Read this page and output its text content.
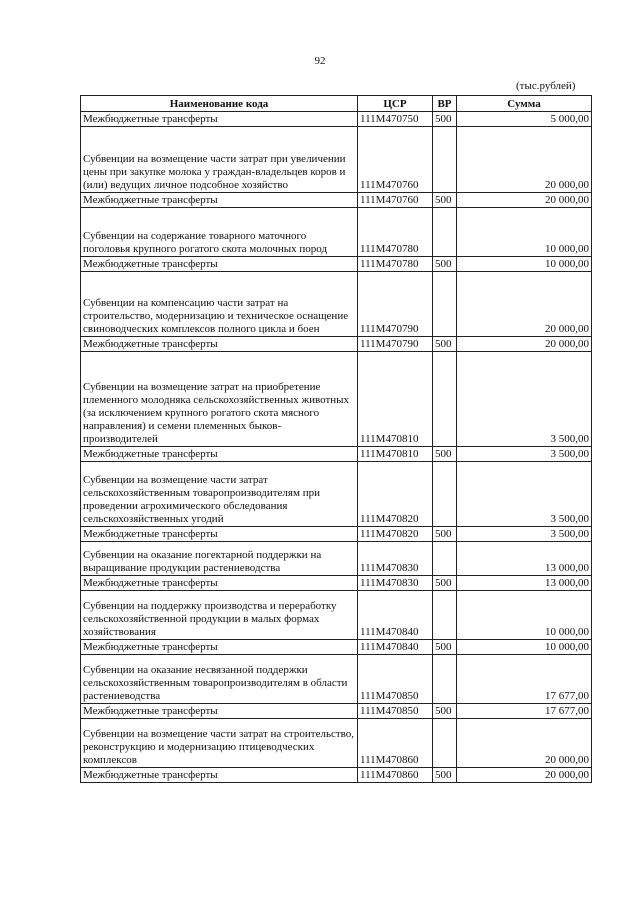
92
(тыс.рублей)
Наименование кода	ЦСР	ВР	Сумма
Межбюджетные трансферты	111М470750	500	5 000,00
Субвенции на возмещение части затрат при увеличении цены при закупке молока у граждан-владельцев коров и (или) ведущих личное подсобное хозяйство	111М470760		20 000,00
Межбюджетные трансферты	111М470760	500	20 000,00
Субвенции на содержание товарного маточного поголовья крупного рогатого скота молочных пород	111М470780		10 000,00
Межбюджетные трансферты	111М470780	500	10 000,00
Субвенции на компенсацию части затрат на строительство, модернизацию и техническое оснащение свиноводческих комплексов полного цикла и боен	111М470790		20 000,00
Межбюджетные трансферты	111М470790	500	20 000,00
Субвенции на возмещение затрат на приобретение племенного молодняка сельскохозяйственных животных (за исключением крупного рогатого скота мясного направления) и семени племенных быков-производителей	111М470810		3 500,00
Межбюджетные трансферты	111М470810	500	3 500,00
Субвенции на возмещение части затрат сельскохозяйственным товаропроизводителям при проведении агрохимического обследования сельскохозяйственных угодий	111М470820		3 500,00
Межбюджетные трансферты	111М470820	500	3 500,00
Субвенции на оказание погектарной поддержки на выращивание продукции растениеводства	111М470830		13 000,00
Межбюджетные трансферты	111М470830	500	13 000,00
Субвенции на поддержку производства и переработку сельскохозяйственной продукции в малых формах хозяйствования	111М470840		10 000,00
Межбюджетные трансферты	111М470840	500	10 000,00
Субвенции на оказание несвязанной поддержки сельскохозяйственным товаропроизводителям в области растениеводства	111М470850		17 677,00
Межбюджетные трансферты	111М470850	500	17 677,00
Субвенции на возмещение части затрат на строительство, реконструкцию и модернизацию птицеводческих комплексов	111М470860		20 000,00
Межбюджетные трансферты	111М470860	500	20 000,00
